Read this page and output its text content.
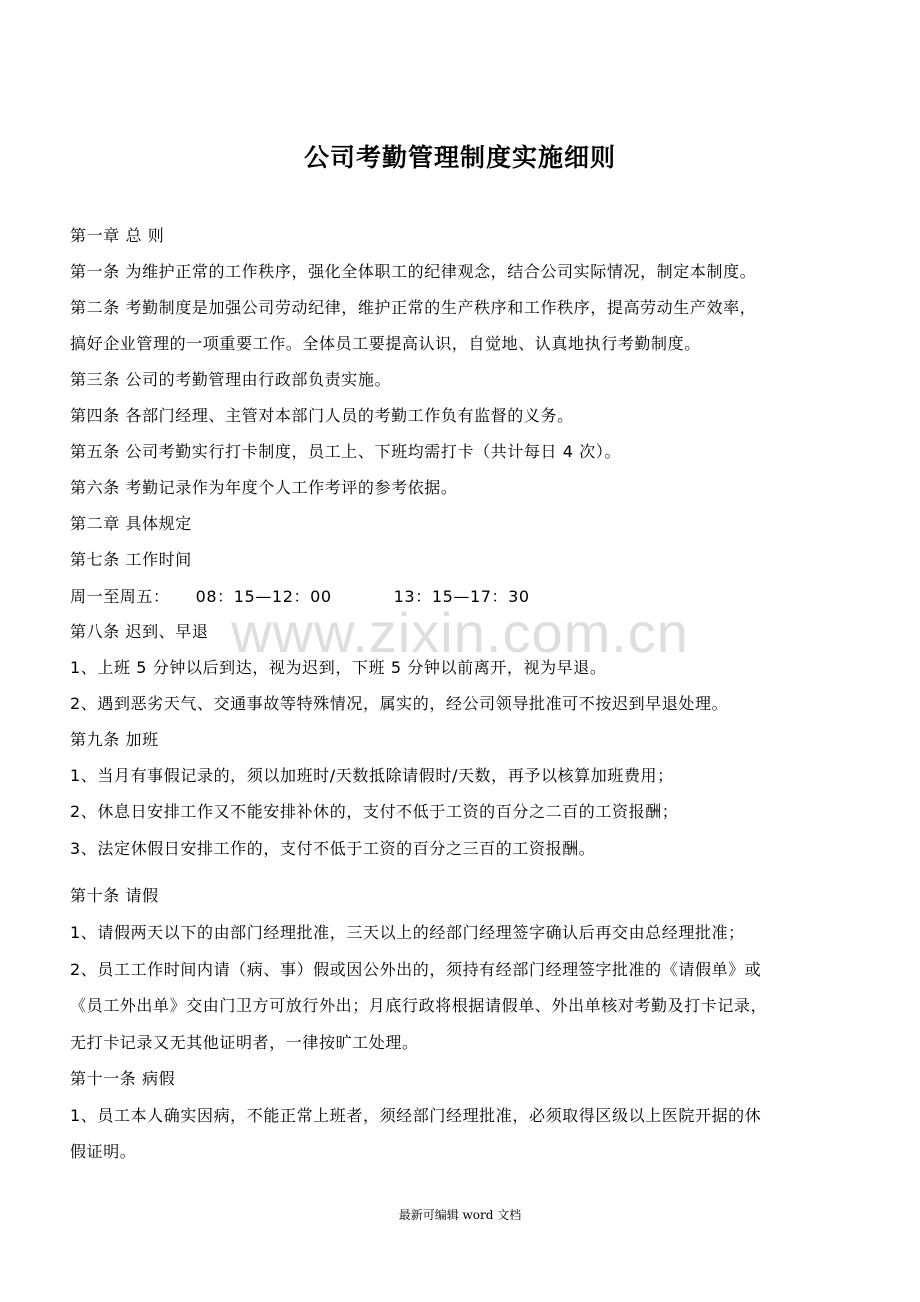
公司考勤管理制度实施细则
第一章 总 则
第一条 为维护正常的工作秩序，强化全体职工的纪律观念，结合公司实际情况，制定本制度。
第二条 考勤制度是加强公司劳动纪律，维护正常的生产秩序和工作秩序，提高劳动生产效率，
搞好企业管理的一项重要工作。全体员工要提高认识，自觉地、认真地执行考勤制度。
第三条 公司的考勤管理由行政部负责实施。
第四条 各部门经理、主管对本部门人员的考勤工作负有监督的义务。
第五条 公司考勤实行打卡制度，员工上、下班均需打卡（共计每日 4 次）。
第六条 考勤记录作为年度个人工作考评的参考依据。
第二章 具体规定
第七条 工作时间
周一至周五： 08：15—12：00	13：15—17：30
第八条 迟到、早退
1、上班 5 分钟以后到达，视为迟到，下班 5 分钟以前离开，视为早退。
2、遇到恶劣天气、交通事故等特殊情况，属实的，经公司领导批准可不按迟到早退处理。
第九条 加班
1、当月有事假记录的，须以加班时/天数抵除请假时/天数，再予以核算加班费用；
2、休息日安排工作又不能安排补休的，支付不低于工资的百分之二百的工资报酬；
3、法定休假日安排工作的，支付不低于工资的百分之三百的工资报酬。
第十条 请假
1、请假两天以下的由部门经理批准，三天以上的经部门经理签字确认后再交由总经理批准；
2、员工工作时间内请（病、事）假或因公外出的，须持有经部门经理签字批准的《请假单》或
《员工外出单》交由门卫方可放行外出；月底行政将根据请假单、外出单核对考勤及打卡记录，
无打卡记录又无其他证明者，一律按旷工处理。
第十一条 病假
1、员工本人确实因病，不能正常上班者，须经部门经理批准，必须取得区级以上医院开据的休
假证明。
www.zixin.com.cn
最新可编辑 word 文档
